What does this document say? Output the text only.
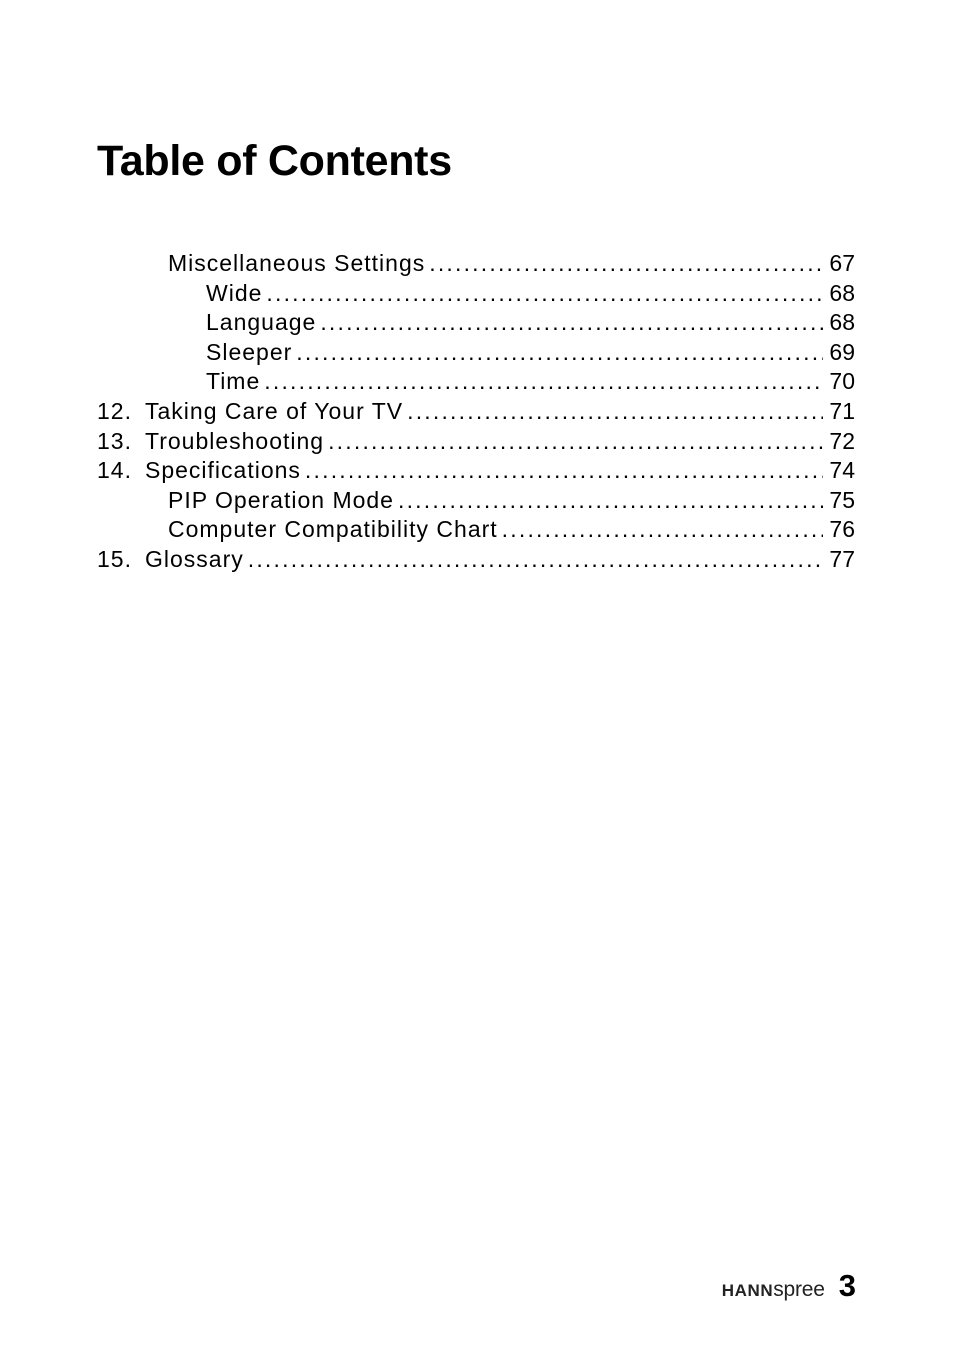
Table of Contents
Miscellaneous Settings .....	67
Wide .....	68
Language .....	68
Sleeper .....	69
Time .....	70
12. Taking Care of Your TV .....	71
13. Troubleshooting .....	72
14. Specifications .....	74
PIP Operation Mode .....	75
Computer Compatibility Chart .....	76
15. Glossary .....	77
HANNspree 3
